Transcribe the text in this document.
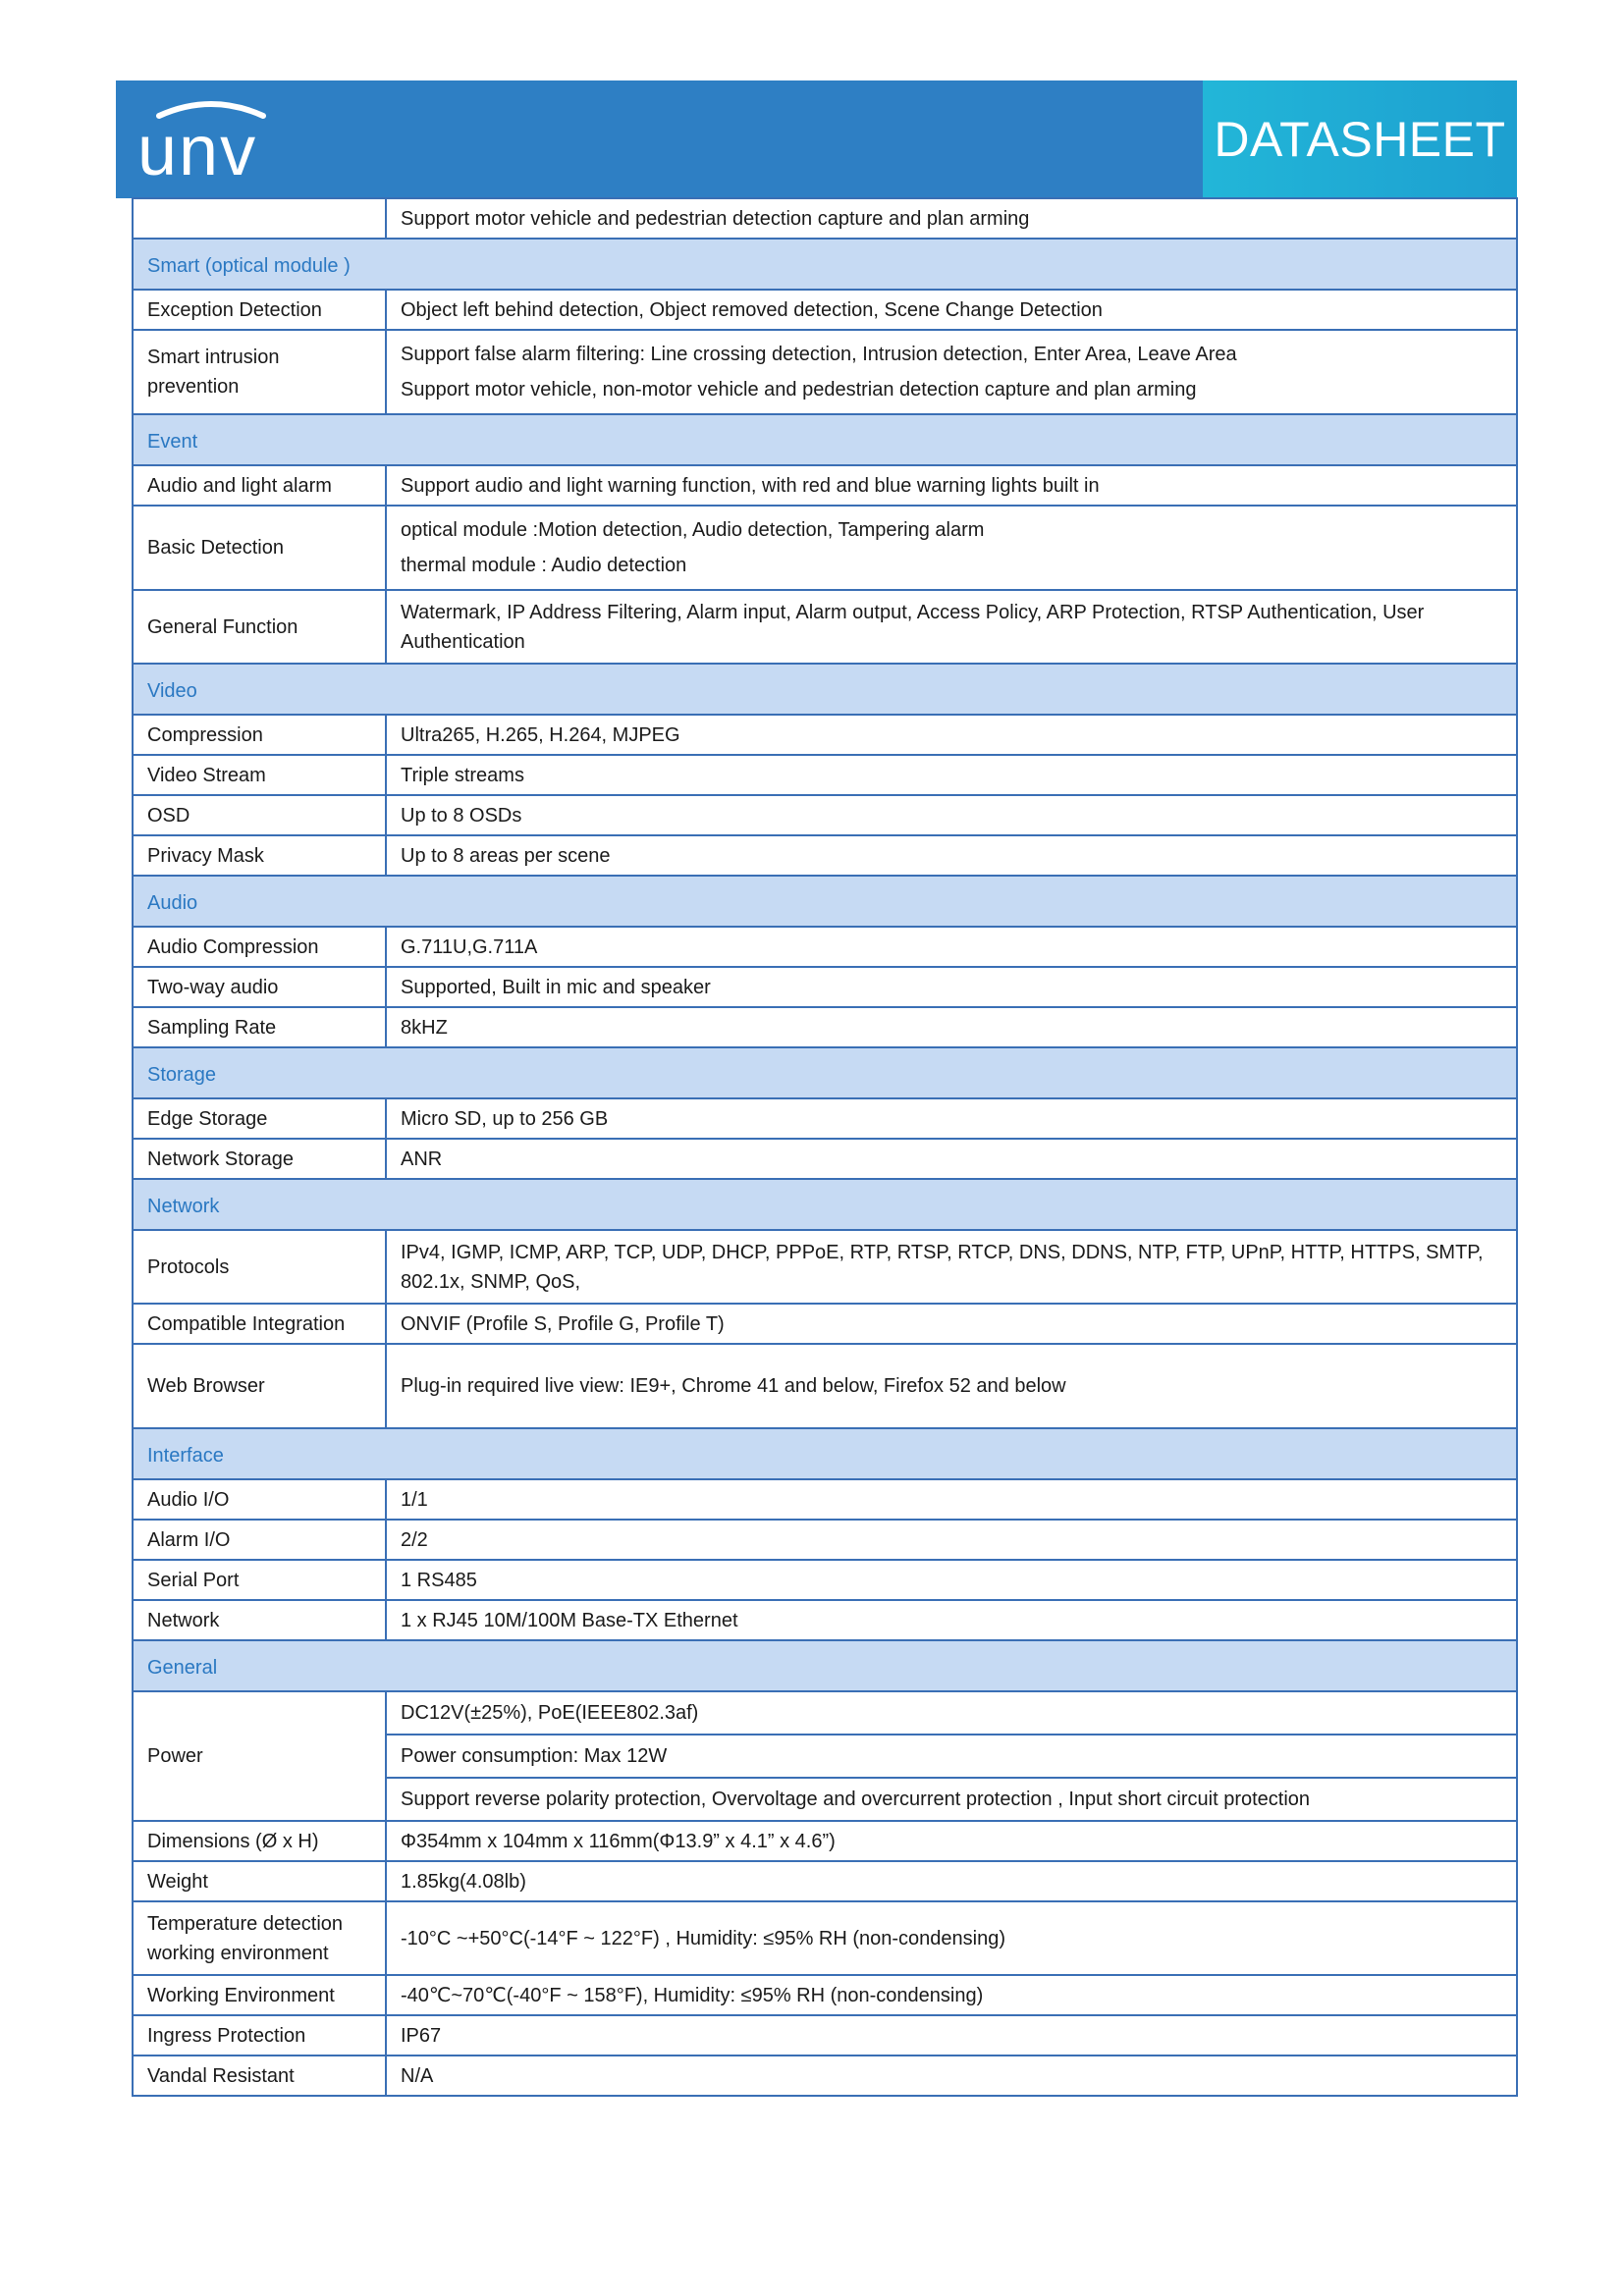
unv	DATASHEET
	Support motor vehicle and pedestrian detection capture and plan arming
Smart (optical module )	
Exception Detection	Object left behind detection, Object removed detection, Scene Change Detection
Smart intrusion prevention	Support false alarm filtering: Line crossing detection, Intrusion detection, Enter Area, Leave Area
Support motor vehicle, non-motor vehicle and pedestrian detection capture and plan arming

Event	
Audio and light alarm	Support audio and light warning function, with red and blue warning lights built in
Basic Detection	optical module :Motion detection, Audio detection, Tampering alarm
thermal module : Audio detection

General Function	Watermark, IP Address Filtering, Alarm input, Alarm output, Access Policy, ARP Protection, RTSP Authentication, User Authentication
Video	
Compression	Ultra265, H.265, H.264, MJPEG
Video Stream	Triple streams
OSD	Up to 8 OSDs
Privacy Mask	Up to 8 areas per scene
Audio	
Audio Compression	G.711U,G.711A
Two-way audio	Supported, Built in mic and speaker
Sampling Rate	8kHZ
Storage	
Edge Storage	Micro SD, up to 256 GB
Network Storage	ANR
Network	
Protocols	IPv4, IGMP, ICMP, ARP, TCP, UDP, DHCP, PPPoE, RTP, RTSP, RTCP, DNS, DDNS, NTP, FTP, UPnP, HTTP, HTTPS, SMTP, 802.1x, SNMP, QoS,
Compatible Integration	ONVIF (Profile S, Profile G, Profile T)
Web Browser	Plug-in required live view: IE9+, Chrome 41 and below, Firefox 52 and below
Interface	
Audio I/O	1/1
Alarm I/O	2/2
Serial Port	1 RS485
Network	1 x RJ45 10M/100M Base-TX Ethernet
General	
Power	DC12V(±25%), PoE(IEEE802.3af)
Power consumption: Max 12W
Support reverse polarity protection, Overvoltage and overcurrent protection , Input short circuit protection

Dimensions (Ø x H)	Φ354mm x 104mm x 116mm(Φ13.9” x 4.1” x 4.6”)
Weight	1.85kg(4.08lb)
Temperature detection working environment	-10°C ~+50°C(-14°F ~ 122°F) , Humidity: ≤95% RH (non-condensing)
Working Environment	-40℃~70℃(-40°F ~ 158°F), Humidity: ≤95% RH (non-condensing)
Ingress Protection	IP67
Vandal Resistant	N/A
